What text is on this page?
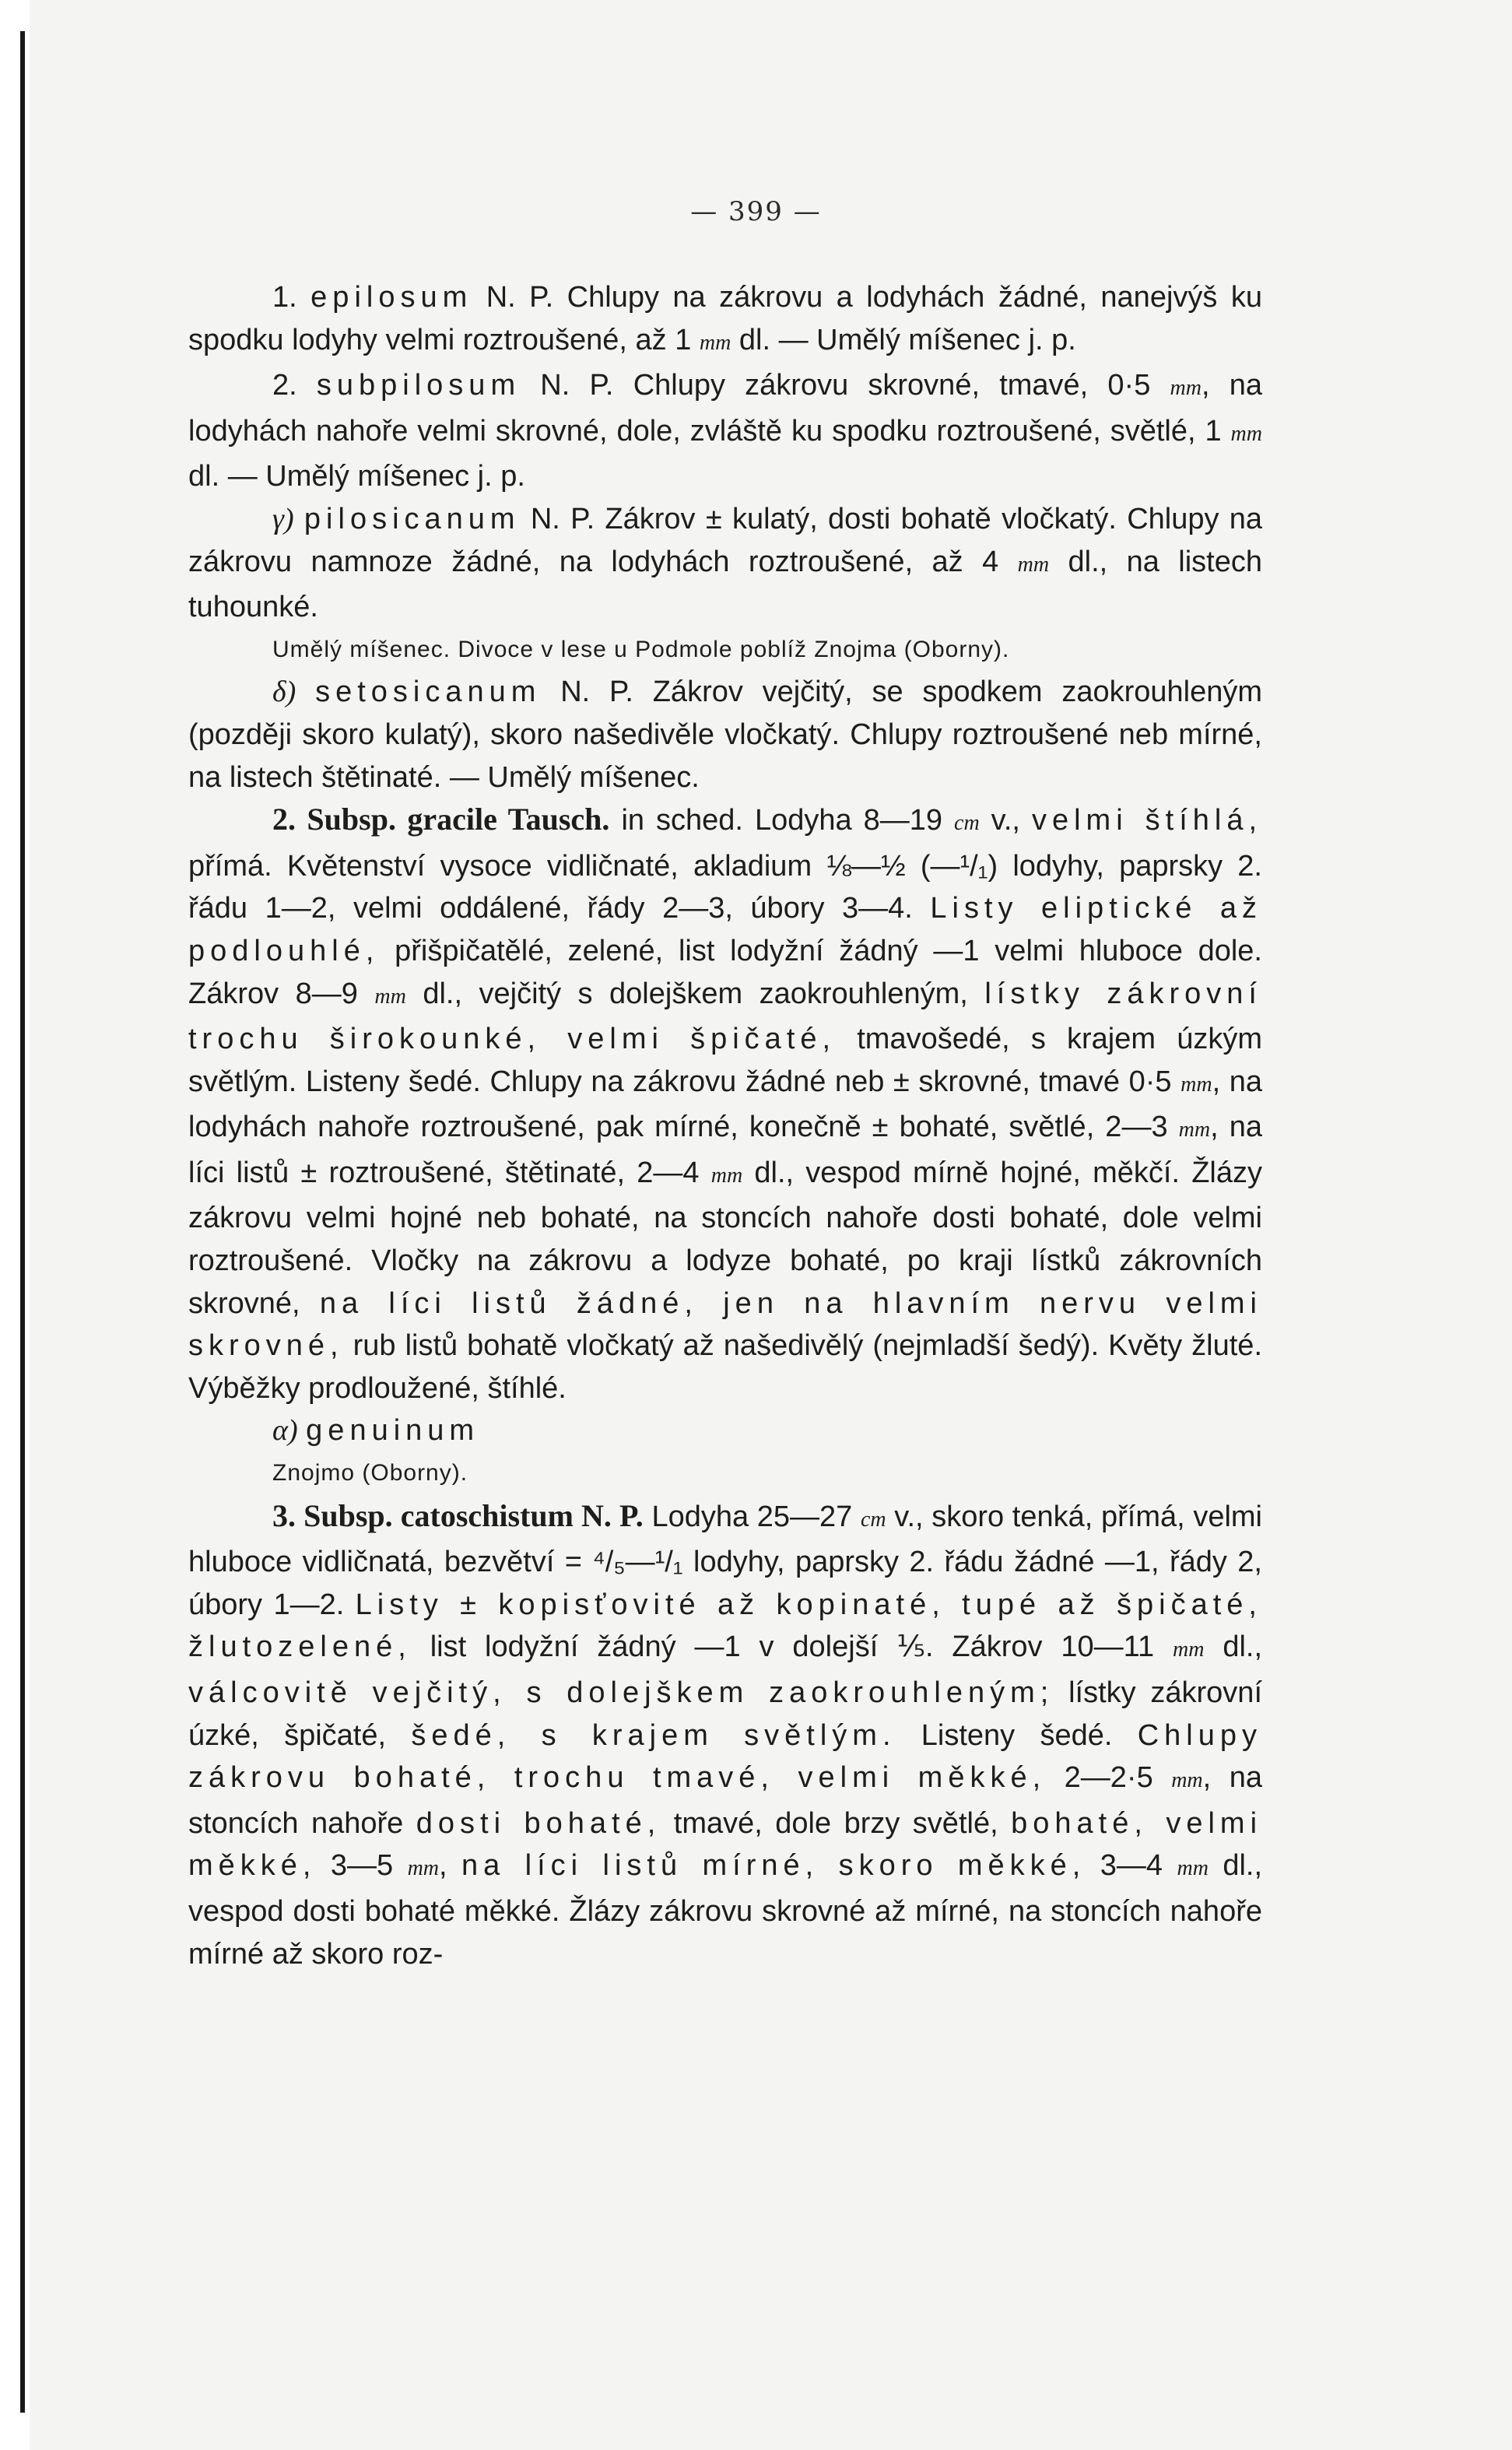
— 399 —

1. epilosum N. P. Chlupy na zákrovu a lodyhách žádné, nanejvýš ku spodku lodyhy velmi roztroušené, až 1 mm dl. — Umělý míšenec j. p.

2. subpilosum N. P. Chlupy zákrovu skrovné, tmavé, 0·5 mm, na lodyhách nahoře velmi skrovné, dole, zvláště ku spodku roztroušené, světlé, 1 mm dl. — Umělý míšenec j. p.

γ) pilosicanum N. P. Zákrov ± kulatý, dosti bohatě vločkatý. Chlupy na zákrovu namnoze žádné, na lodyhách roztroušené, až 4 mm dl., na listech tuhounké.

Umělý míšenec. Divoce v lese u Podmole poblíž Znojma (Oborny).

δ) setosicanum N. P. Zákrov vejčitý, se spodkem zaokrouhleným (později skoro kulatý), skoro našedivěle vločkatý. Chlupy roztroušené neb mírné, na listech štětinaté. — Umělý míšenec.

2. Subsp. gracile Tausch. in sched. Lodyha 8—19 cm v., velmi štíhlá, přímá. Květenství vysoce vidličnaté, akladium ⅛—½ (—¹/₁) lodyhy, paprsky 2. řádu 1—2, velmi oddálené, řády 2—3, úbory 3—4. Listy eliptické až podlouhlé, přišpičatělé, zelené, list lodyžní žádný —1 velmi hluboce dole. Zákrov 8—9 mm dl., vejčitý s dolejškem zaokrouhleným, lístky zákrovní trochu širokounké, velmi špičaté, tmavošedé, s krajem úzkým světlým. Listeny šedé. Chlupy na zákrovu žádné neb ± skrovné, tmavé 0·5 mm, na lodyhách nahoře roztroušené, pak mírné, konečně ± bohaté, světlé, 2—3 mm, na líci listů ± roztroušené, štětinaté, 2—4 mm dl., vespod mírně hojné, měkčí. Žlázy zákrovu velmi hojné neb bohaté, na stoncích nahoře dosti bohaté, dole velmi roztroušené. Vločky na zákrovu a lodyze bohaté, po kraji lístků zákrovních skrovné, na líci listů žádné, jen na hlavním nervu velmi skrovné, rub listů bohatě vločkatý až našedivělý (nejmladší šedý). Květy žluté. Výběžky prodloužené, štíhlé.

α) genuinum

Znojmo (Oborny).

3. Subsp. catoschistum N. P. Lodyha 25—27 cm v., skoro tenká, přímá, velmi hluboce vidličnatá, bezvětví = ⁴/₅—¹/₁ lodyhy, paprsky 2. řádu žádné —1, řády 2, úbory 1—2. Listy ± kopisťovité až kopinaté, tupé až špičaté, žlutozelené, list lodyžní žádný —1 v dolejší ⅕. Zákrov 10—11 mm dl., válcovitě vejčitý, s dolejškem zaokrouhleným; lístky zákrovní úzké, špičaté, šedé, s krajem světlým. Listeny šedé. Chlupy zákrovu bohaté, trochu tmavé, velmi měkké, 2—2·5 mm, na stoncích nahoře dosti bohaté, tmavé, dole brzy světlé, bohaté, velmi měkké, 3—5 mm, na líci listů mírné, skoro měkké, 3—4 mm dl., vespod dosti bohaté měkké. Žlázy zákrovu skrovné až mírné, na stoncích nahoře mírné až skoro roz-
